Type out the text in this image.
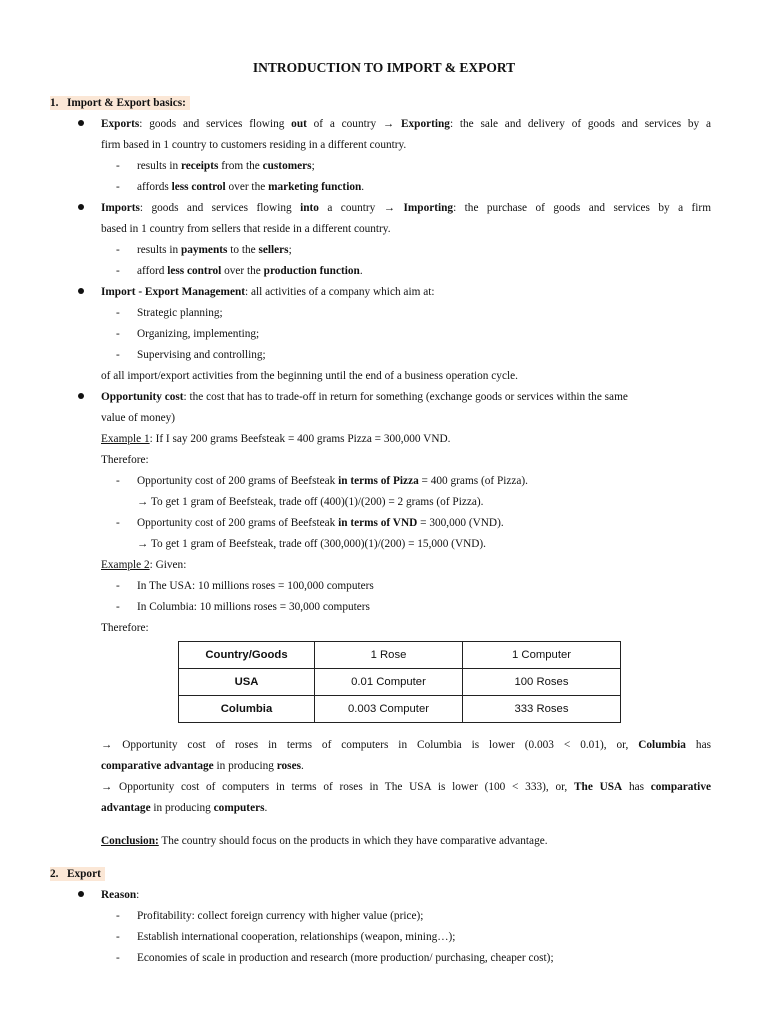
INTRODUCTION TO IMPORT & EXPORT
1. Import & Export basics:
Exports: goods and services flowing out of a country → Exporting: the sale and delivery of goods and services by a
firm based in 1 country to customers residing in a different country.
- results in receipts from the customers;
- affords less control over the marketing function.
Imports: goods and services flowing into a country → Importing: the purchase of goods and services by a firm
based in 1 country from sellers that reside in a different country.
- results in payments to the sellers;
- afford less control over the production function.
Import - Export Management: all activities of a company which aim at:
- Strategic planning;
- Organizing, implementing;
- Supervising and controlling;
of all import/export activities from the beginning until the end of a business operation cycle.
Opportunity cost: the cost that has to trade-off in return for something (exchange goods or services within the same
value of money)
Example 1: If I say 200 grams Beefsteak = 400 grams Pizza = 300,000 VND.
Therefore:
- Opportunity cost of 200 grams of Beefsteak in terms of Pizza = 400 grams (of Pizza).
→ To get 1 gram of Beefsteak, trade off (400)(1)/(200) = 2 grams (of Pizza).
- Opportunity cost of 200 grams of Beefsteak in terms of VND = 300,000 (VND).
→ To get 1 gram of Beefsteak, trade off (300,000)(1)/(200) = 15,000 (VND).
Example 2: Given:
- In The USA: 10 millions roses = 100,000 computers
- In Columbia: 10 millions roses = 30,000 computers
Therefore:
Country/Goods	1 Rose	1 Computer
USA	0.01 Computer	100 Roses
Columbia	0.003 Computer	333 Roses
→ Opportunity cost of roses in terms of computers in Columbia is lower (0.003 < 0.01), or, Columbia has
comparative advantage in producing roses.
→ Opportunity cost of computers in terms of roses in The USA is lower (100 < 333), or, The USA has comparative
advantage in producing computers.
Conclusion: The country should focus on the products in which they have comparative advantage.
2. Export
Reason:
- Profitability: collect foreign currency with higher value (price);
- Establish international cooperation, relationships (weapon, mining…);
- Economies of scale in production and research (more production/ purchasing, cheaper cost);
